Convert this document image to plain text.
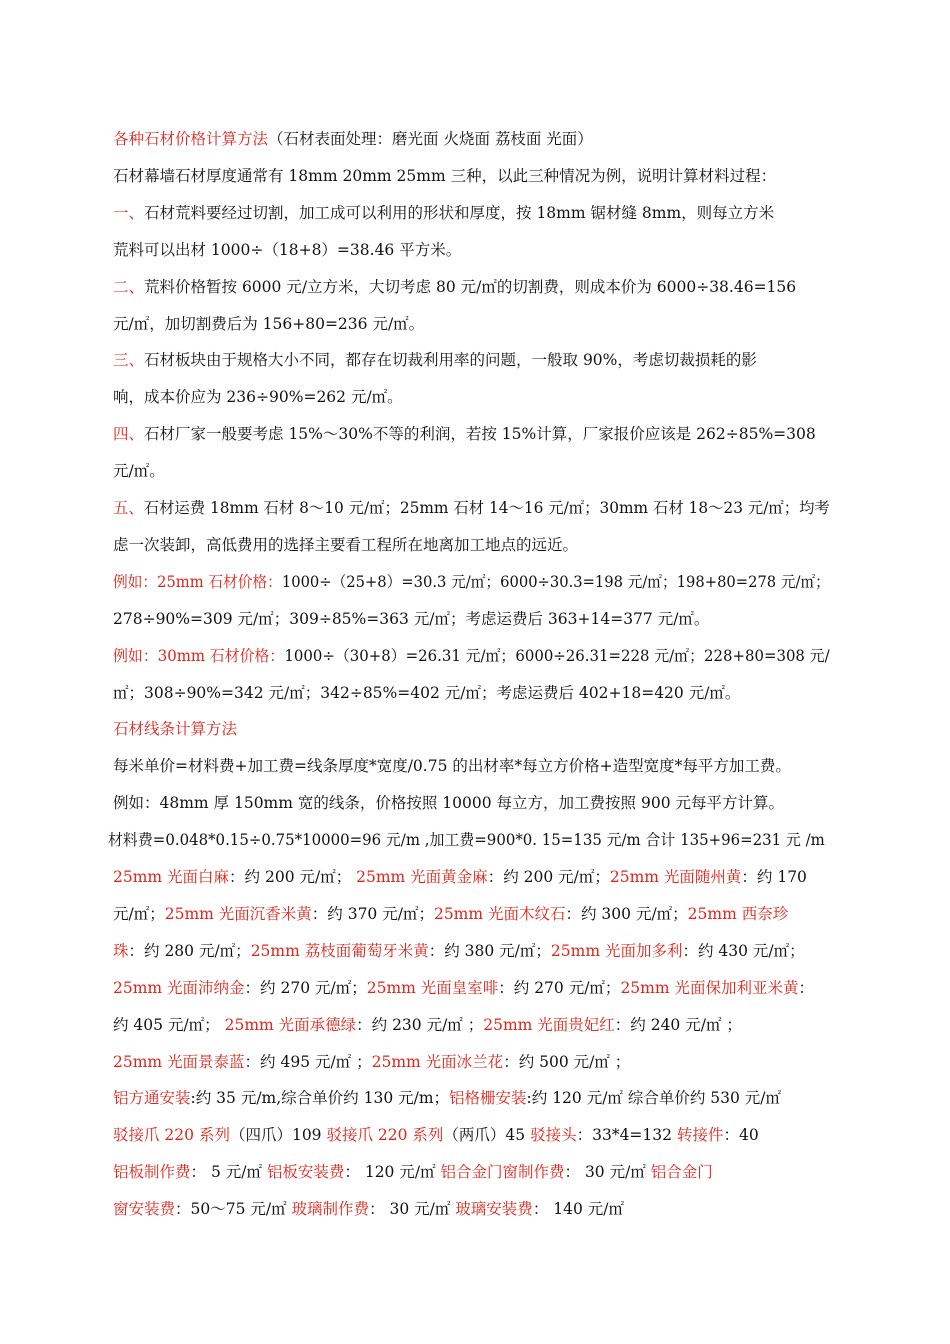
各种石材价格计算方法（石材表面处理：磨光面 火烧面 荔枝面 光面）
石材幕墙石材厚度通常有 18mm 20mm 25mm 三种，以此三种情况为例，说明计算材料过程：
一、石材荒料要经过切割，加工成可以利用的形状和厚度，按 18mm 锯材缝 8mm，则每立方米
荒料可以出材 1000÷（18+8）=38.46 平方米。
二、荒料价格暂按 6000 元/立方米，大切考虑 80 元/㎡的切割费，则成本价为 6000÷38.46=156
元/㎡，加切割费后为 156+80=236 元/㎡。
三、石材板块由于规格大小不同，都存在切裁利用率的问题，一般取 90%，考虑切裁损耗的影
响，成本价应为 236÷90%=262 元/㎡。
四、石材厂家一般要考虑 15%～30%不等的利润，若按 15%计算，厂家报价应该是 262÷85%=308
元/㎡。
五、石材运费 18mm 石材 8～10 元/㎡；25mm 石材 14～16 元/㎡；30mm 石材 18～23 元/㎡；均考
虑一次装卸，高低费用的选择主要看工程所在地离加工地点的远近。
例如：25mm 石材价格：1000÷（25+8）=30.3 元/㎡；6000÷30.3=198 元/㎡；198+80=278 元/㎡；
278÷90%=309 元/㎡；309÷85%=363 元/㎡；考虑运费后 363+14=377 元/㎡。
例如：30mm 石材价格：1000÷（30+8）=26.31 元/㎡；6000÷26.31=228 元/㎡；228+80=308 元/
㎡；308÷90%=342 元/㎡；342÷85%=402 元/㎡；考虑运费后 402+18=420 元/㎡。
石材线条计算方法
每米单价=材料费+加工费=线条厚度*宽度/0.75 的出材率*每立方价格+造型宽度*每平方加工费。
例如：48mm 厚 150mm 宽的线条，价格按照 10000 每立方，加工费按照 900 元每平方计算。
材料费=0.048*0.15÷0.75*10000=96 元/m ,加工费=900*0. 15=135 元/m 合计 135+96=231 元 /m
25mm 光面白麻：约 200 元/㎡； 25mm 光面黄金麻：约 200 元/㎡；25mm 光面随州黄：约 170
元/㎡；25mm 光面沉香米黄：约 370 元/㎡；25mm 光面木纹石：约 300 元/㎡；25mm 西奈珍
珠：约 280 元/㎡；25mm 荔枝面葡萄牙米黄：约 380 元/㎡；25mm 光面加多利：约 430 元/㎡；
25mm 光面沛纳金：约 270 元/㎡；25mm 光面皇室啡：约 270 元/㎡；25mm 光面保加利亚米黄：
约 405 元/㎡； 25mm 光面承德绿：约 230 元/㎡ ；25mm 光面贵妃红：约 240 元/㎡ ；
25mm 光面景泰蓝：约 495 元/㎡ ；25mm 光面冰兰花：约 500 元/㎡ ；
铝方通安装:约 35 元/m,综合单价约 130 元/m；铝格栅安装:约 120 元/㎡ 综合单价约 530 元/㎡
驳接爪 220 系列（四爪）109 驳接爪 220 系列（两爪）45 驳接头：33*4=132 转接件：40
铝板制作费： 5 元/㎡ 铝板安装费： 120 元/㎡ 铝合金门窗制作费： 30 元/㎡ 铝合金门
窗安装费：50～75 元/㎡ 玻璃制作费： 30 元/㎡ 玻璃安装费： 140 元/㎡
